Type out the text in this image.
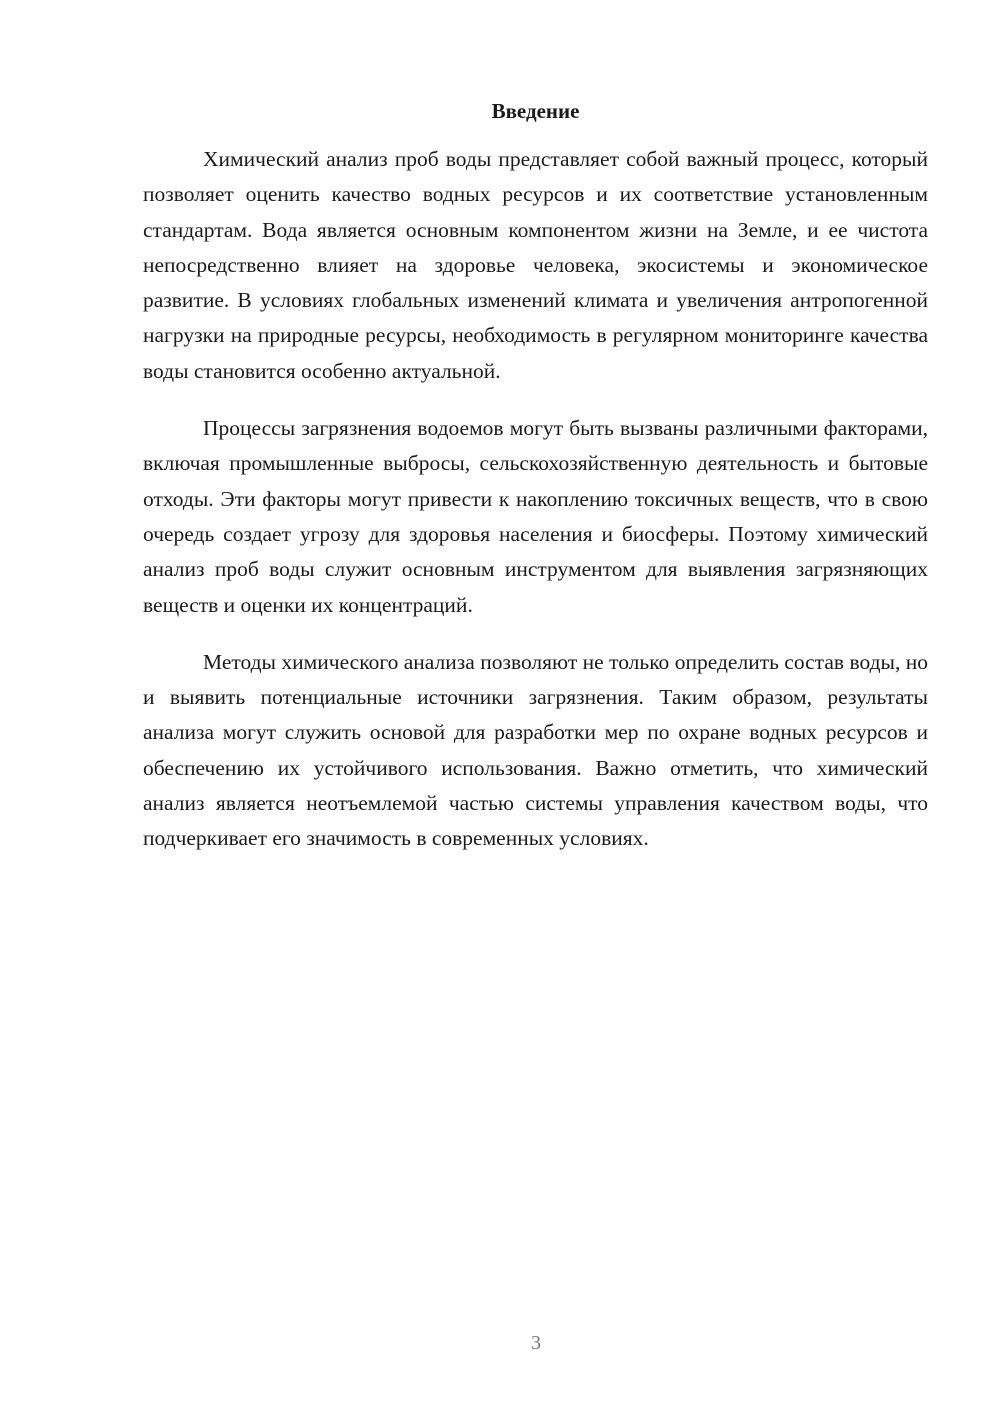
Введение

Химический анализ проб воды представляет собой важный процесс, который позволяет оценить качество водных ресурсов и их соответствие установленным стандартам. Вода является основным компонентом жизни на Земле, и ее чистота непосредственно влияет на здоровье человека, экосистемы и экономическое развитие. В условиях глобальных изменений климата и увеличения антропогенной нагрузки на природные ресурсы, необходимость в регулярном мониторинге качества воды становится особенно актуальной.

Процессы загрязнения водоемов могут быть вызваны различными факторами, включая промышленные выбросы, сельскохозяйственную деятельность и бытовые отходы. Эти факторы могут привести к накоплению токсичных веществ, что в свою очередь создает угрозу для здоровья населения и биосферы. Поэтому химический анализ проб воды служит основным инструментом для выявления загрязняющих веществ и оценки их концентраций.

Методы химического анализа позволяют не только определить состав воды, но и выявить потенциальные источники загрязнения. Таким образом, результаты анализа могут служить основой для разработки мер по охране водных ресурсов и обеспечению их устойчивого использования. Важно отметить, что химический анализ является неотъемлемой частью системы управления качеством воды, что подчеркивает его значимость в современных условиях.

3
